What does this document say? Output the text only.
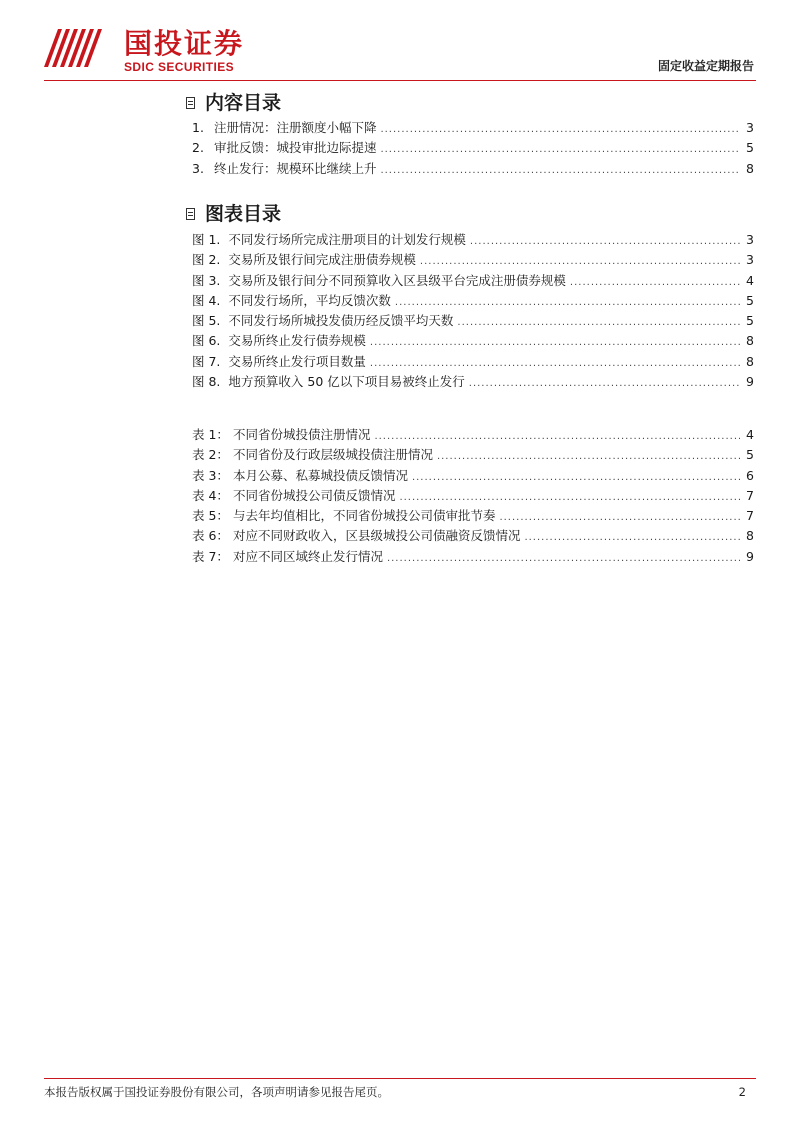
国投证券
SDIC SECURITIES	固定收益定期报告
内容目录
1. 注册情况：注册额度小幅下降 .....	3
2. 审批反馈：城投审批边际提速 .....	5
3. 终止发行：规模环比继续上升 .....	8
图表目录
图 1. 不同发行场所完成注册项目的计划发行规模 .....	3
图 2. 交易所及银行间完成注册债券规模 .....	3
图 3. 交易所及银行间分不同预算收入区县级平台完成注册债券规模 .....	4
图 4. 不同发行场所，平均反馈次数 .....	5
图 5. 不同发行场所城投发债历经反馈平均天数 .....	5
图 6. 交易所终止发行债券规模 .....	8
图 7. 交易所终止发行项目数量 .....	8
图 8. 地方预算收入 50 亿以下项目易被终止发行 .....	9
表 1： 不同省份城投债注册情况 .....	4
表 2： 不同省份及行政层级城投债注册情况 .....	5
表 3： 本月公募、私募城投债反馈情况 .....	6
表 4： 不同省份城投公司债反馈情况 .....	7
表 5： 与去年均值相比，不同省份城投公司债审批节奏 .....	7
表 6： 对应不同财政收入，区县级城投公司债融资反馈情况 .....	8
表 7： 对应不同区域终止发行情况 .....	9
本报告版权属于国投证券股份有限公司，各项声明请参见报告尾页。	2
